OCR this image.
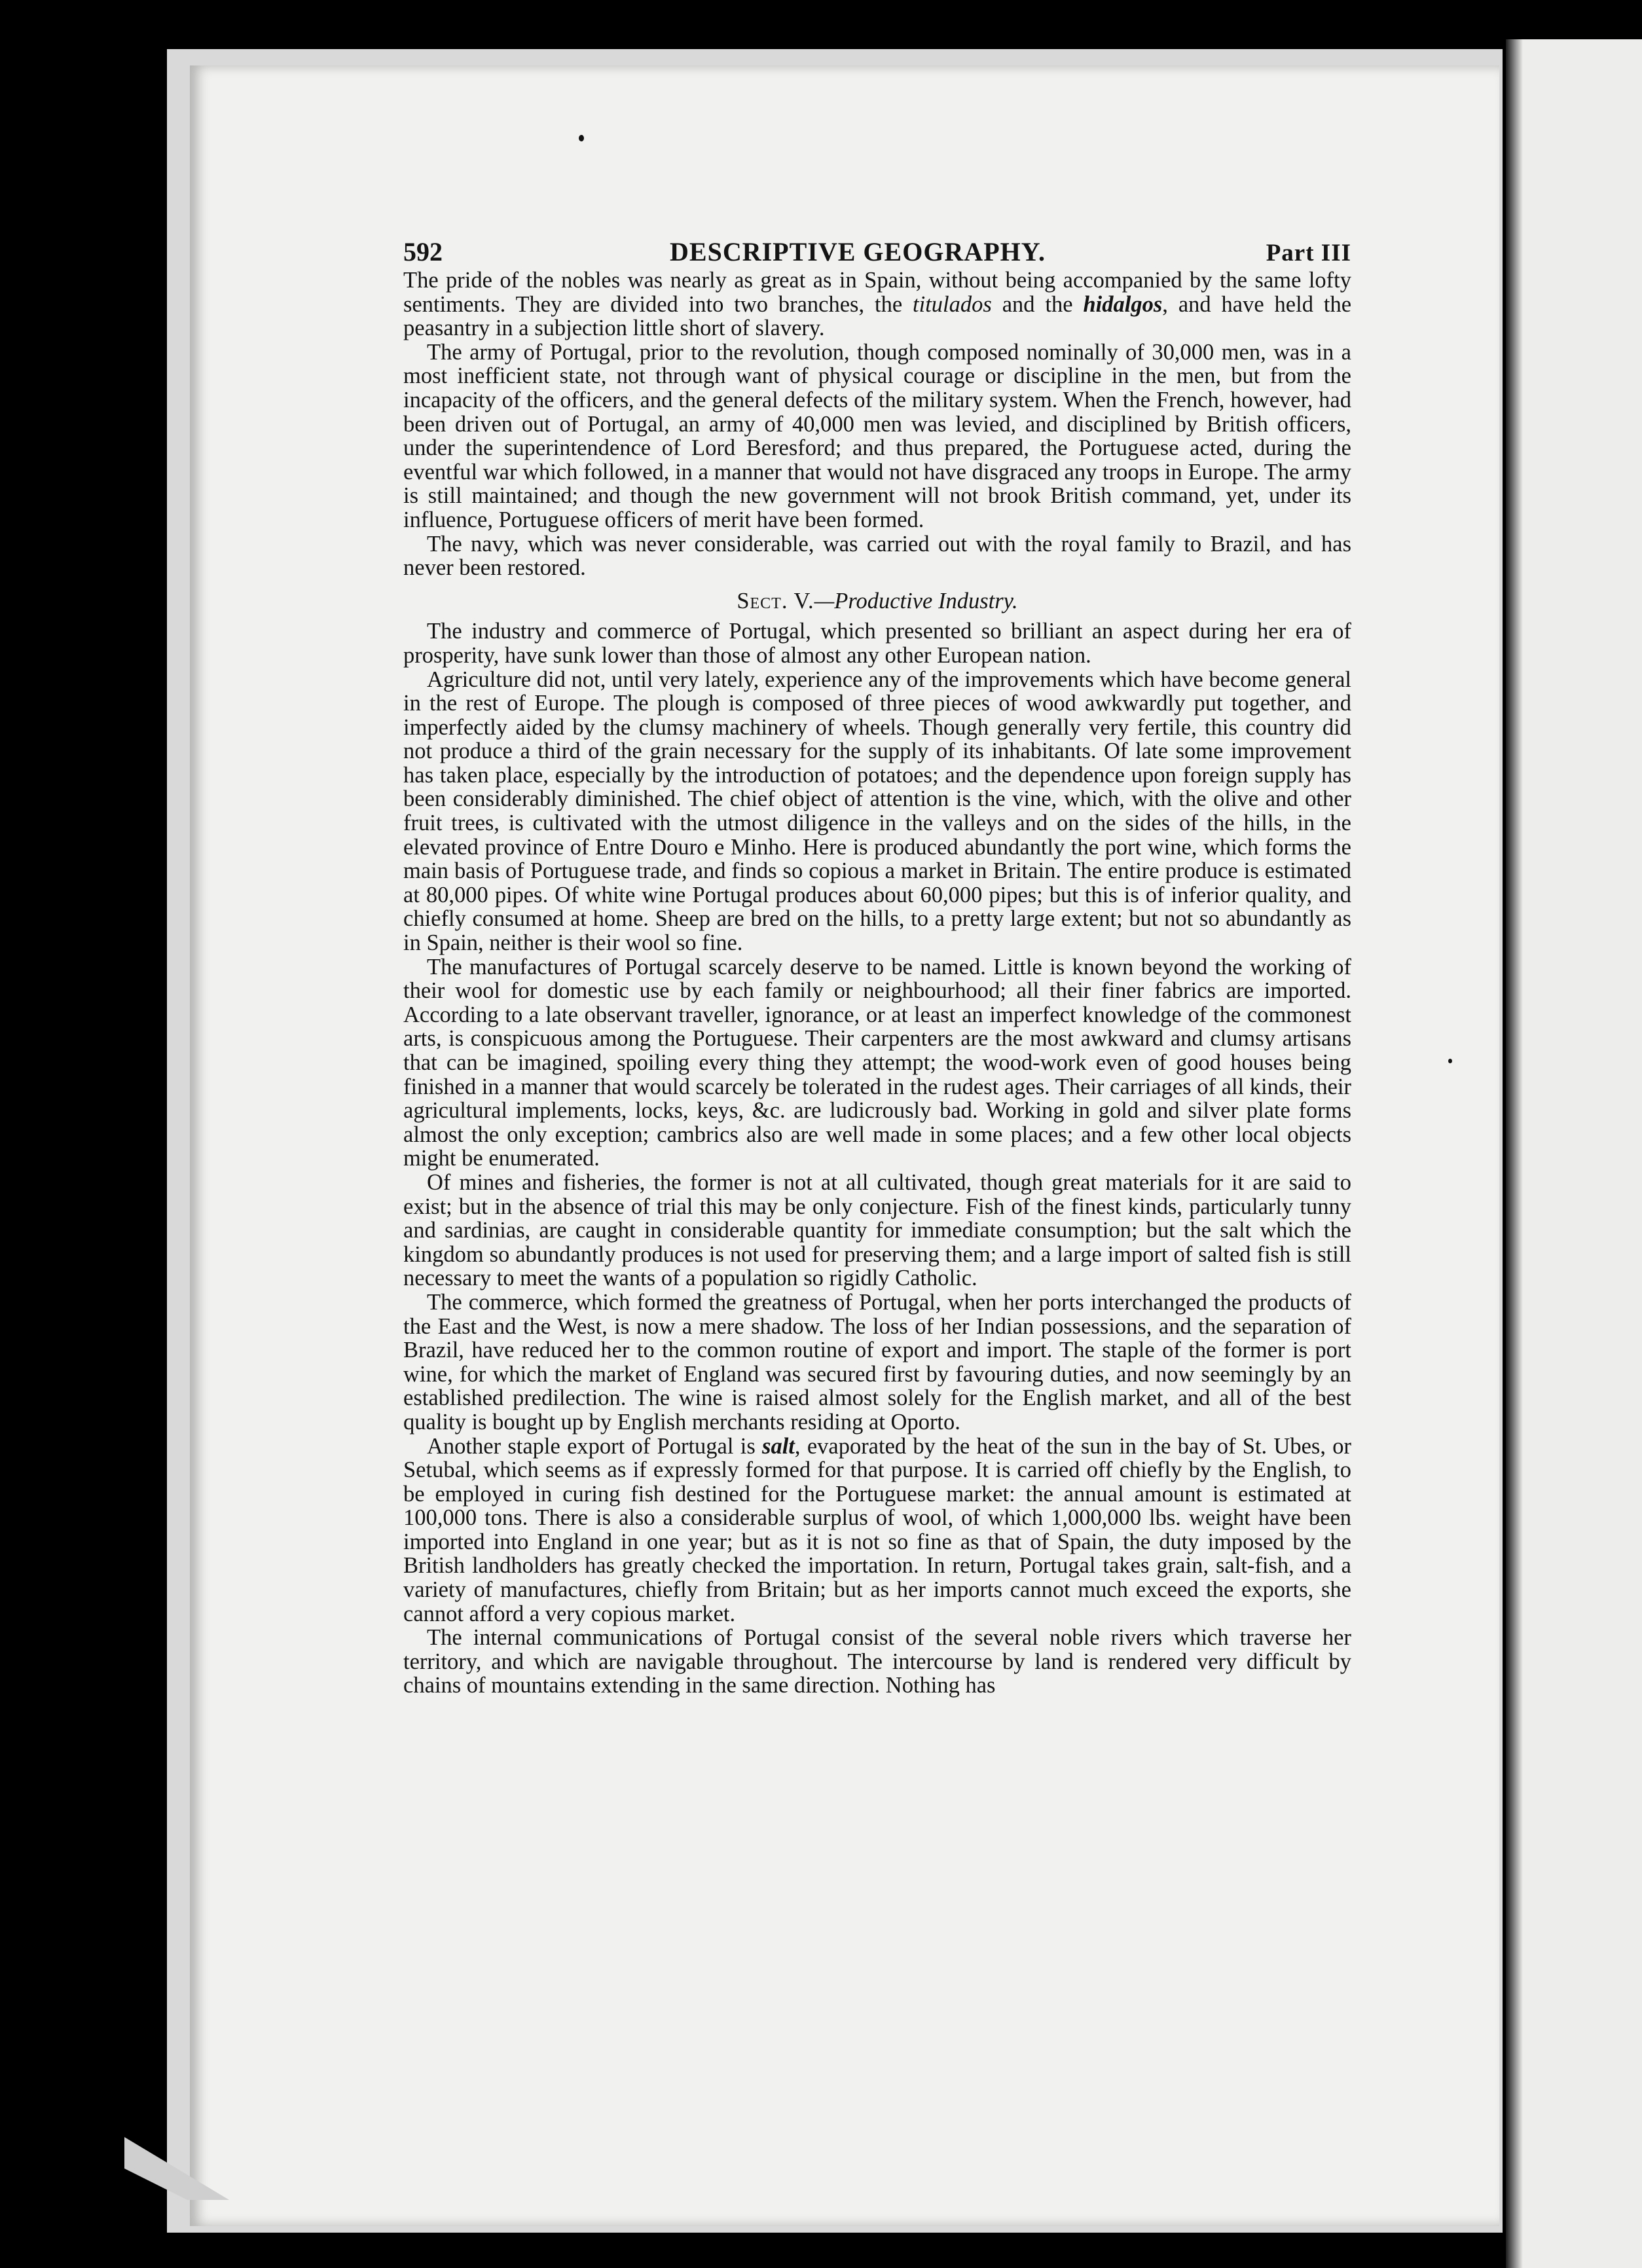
592	DESCRIPTIVE GEOGRAPHY.	Part III

The pride of the nobles was nearly as great as in Spain, without being accompanied by the same lofty sentiments. They are divided into two branches, the titulados and the hidalgos, and have held the peasantry in a subjection little short of slavery.

The army of Portugal, prior to the revolution, though composed nominally of 30,000 men, was in a most inefficient state, not through want of physical courage or discipline in the men, but from the incapacity of the officers, and the general defects of the military system. When the French, however, had been driven out of Portugal, an army of 40,000 men was levied, and disciplined by British officers, under the superintendence of Lord Beresford; and thus prepared, the Portuguese acted, during the eventful war which followed, in a manner that would not have disgraced any troops in Europe. The army is still maintained; and though the new government will not brook British command, yet, under its influence, Portuguese officers of merit have been formed.

The navy, which was never considerable, was carried out with the royal family to Brazil, and has never been restored.

Sect. V.—Productive Industry.

The industry and commerce of Portugal, which presented so brilliant an aspect during her era of prosperity, have sunk lower than those of almost any other European nation.

Agriculture did not, until very lately, experience any of the improvements which have become general in the rest of Europe. The plough is composed of three pieces of wood awkwardly put together, and imperfectly aided by the clumsy machinery of wheels. Though generally very fertile, this country did not produce a third of the grain necessary for the supply of its inhabitants. Of late some improvement has taken place, especially by the introduction of potatoes; and the dependence upon foreign supply has been considerably diminished. The chief object of attention is the vine, which, with the olive and other fruit trees, is cultivated with the utmost diligence in the valleys and on the sides of the hills, in the elevated province of Entre Douro e Minho. Here is produced abundantly the port wine, which forms the main basis of Portuguese trade, and finds so copious a market in Britain. The entire produce is estimated at 80,000 pipes. Of white wine Portugal produces about 60,000 pipes; but this is of inferior quality, and chiefly consumed at home. Sheep are bred on the hills, to a pretty large extent; but not so abundantly as in Spain, neither is their wool so fine.

The manufactures of Portugal scarcely deserve to be named. Little is known beyond the working of their wool for domestic use by each family or neighbourhood; all their finer fabrics are imported. According to a late observant traveller, ignorance, or at least an imperfect knowledge of the commonest arts, is conspicuous among the Portuguese. Their carpenters are the most awkward and clumsy artisans that can be imagined, spoiling every thing they attempt; the wood-work even of good houses being finished in a manner that would scarcely be tolerated in the rudest ages. Their carriages of all kinds, their agricultural implements, locks, keys, &c. are ludicrously bad. Working in gold and silver plate forms almost the only exception; cambrics also are well made in some places; and a few other local objects might be enumerated.

Of mines and fisheries, the former is not at all cultivated, though great materials for it are said to exist; but in the absence of trial this may be only conjecture. Fish of the finest kinds, particularly tunny and sardinias, are caught in considerable quantity for immediate consumption; but the salt which the kingdom so abundantly produces is not used for preserving them; and a large import of salted fish is still necessary to meet the wants of a population so rigidly Catholic.

The commerce, which formed the greatness of Portugal, when her ports interchanged the products of the East and the West, is now a mere shadow. The loss of her Indian possessions, and the separation of Brazil, have reduced her to the common routine of export and import. The staple of the former is port wine, for which the market of England was secured first by favouring duties, and now seemingly by an established predilection. The wine is raised almost solely for the English market, and all of the best quality is bought up by English merchants residing at Oporto.

Another staple export of Portugal is salt, evaporated by the heat of the sun in the bay of St. Ubes, or Setubal, which seems as if expressly formed for that purpose. It is carried off chiefly by the English, to be employed in curing fish destined for the Portuguese market: the annual amount is estimated at 100,000 tons. There is also a considerable surplus of wool, of which 1,000,000 lbs. weight have been imported into England in one year; but as it is not so fine as that of Spain, the duty imposed by the British landholders has greatly checked the importation. In return, Portugal takes grain, salt-fish, and a variety of manufactures, chiefly from Britain; but as her imports cannot much exceed the exports, she cannot afford a very copious market.

The internal communications of Portugal consist of the several noble rivers which traverse her territory, and which are navigable throughout. The intercourse by land is rendered very difficult by chains of mountains extending in the same direction. Nothing has
